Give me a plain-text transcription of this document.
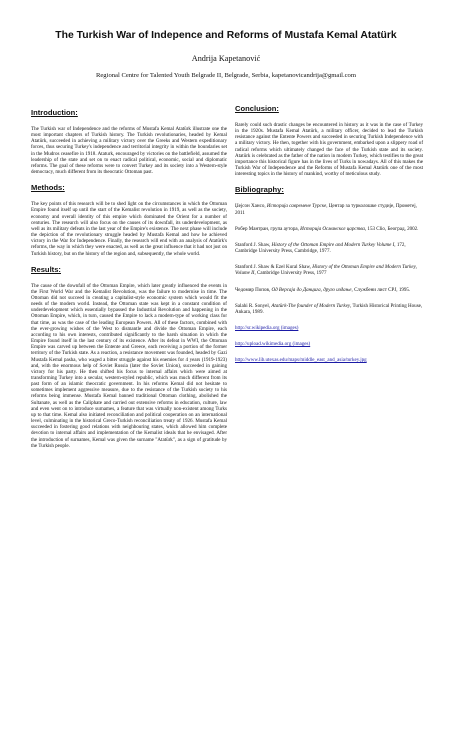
The Turkish War of Indepence and Reforms of Mustafa Kemal Atatürk
Andrija Kapetanović
Regional Centre for Talented Youth Belgrade II, Belgrade, Serbia, kapetanovicandrija@gmail.com
Introduction:

The Turkish war of Independence and the reforms of Mustafa Kemal Atatürk illustrate one the most important chapters of Turkish history. The Turkish revolutionaries, headed by Kemal Atatürk, succeeded in achieving a military victory over the Greeks and Western expeditionary forces, thus securing Turkey's independence and territorial integrity in within the boundaries set in the Mudros ceasefire in 1918. Ataturk, encouraged by victories on the battlefield, assumed the leadership of the state and set on to enact radical political, economic, social and diplomatic reforms. The goal of these reforms were to convert Turkey and its society into a Western-style democracy, much different from its theocratic Ottoman past.

Methods:

The key points of this research will be to shed light on the circumstances in which the Ottoman Empire found itself up until the start of the Kemalist revolution in 1919, as well as the society, economy and overall identity of this empire which dominated the Orient for a number of centuries. The research will also focus on the causes of its downfall, its underdevelopment, as well as its military defeats in the last year of the Empire's existence. The next phase will include the depiction of the revolutionary struggle headed by Mustafa Kemal and how he achieved victory in the War for Independence. Finally, the research will end with an analysis of Atatürk's reforms, the way in which they were enacted, as well as the great influence that it had not just on Turkish history, but on the history of the region and, subsequently, the whole world.

Results:

The cause of the downfall of the Ottoman Empire, which later greatly influenced the events in the First World War and the Kemalist Revolution, was the failure to modernise in time. The Ottoman did not succeed in creating a capitalist-style economic system which would fit the needs of the modern world. Instead, the Ottoman state was kept in a constant condition of underdevelopment which essentially bypassed the Industrial Revolution and happening in the Ottoman Empire, which, in turn, caused the Empire to lack a modern-type of working class for that time, as was the case of the leading European Powers. All of these factors, combined with the ever-growing wishes of the West to dismantle and divide the Ottoman Empire, each according to his own interests, contributed significantly to the harsh situation in which the Empire found itself in the last century of its existence. After its defeat in WWI, the Ottoman Empire was carved up between the Entente and Greece, each receiving a portion of the former territory of the Turkish state. As a reaction, a resistance movement was founded, headed by Gazi Mustafa Kemal pasha, who waged a bitter struggle against his enemies for 4 years (1919-1923) and, with the enormous help of Soviet Russia (later the Soviet Union), succeeded in gaining victory for his party. He then shifted his focus to internal affairs which were aimed at transforming Turkey into a secular, western-styled republic, which was much different from its past form of an islamic theocratic government. In his reforms Kemal did not hesitate to sometimes implement aggressive measure, due to the resistance of the Turkish society to his reforms being immense. Mustafa Kemal banned traditional Ottoman clothing, abolished the Sultanate, as well as the Caliphate and carried out extensive reforms in education, culture, law and even went on to introduce surnames, a feature that was virtually non-existent among Turks up to that time. Kemal also initiated reconciliation and political cooperation on an international level, culminating in the historical Greco-Turkish reconciliation treaty of 1926. Mustafa Kemal succeeded in fostering good relations with neighbouring states, which allowed him complete devotion to internal affairs and implementation of the Kemalist ideals that he envisaged. After the introduction of surnames, Kemal was given the surname "Atatürk", as a sign of gratitude by the Turkish people.

Conclusion:

Rarely could such drastic changes be encountered in history as it was in the case of Turkey in the 1920s. Mustafa Kemal Atatürk, a military officer, decided to lead the Turkish resistance against the Entente Powers and succeeded in securing Turkish Independence with a military victory. He then, together with his government, embarked upon a slippery road of radical reforms which ultimately changed the face of the Turkish state and its society. Atatürk is celebrated as the father of the nation in modern Turkey, which testifies to the great importance this historical figure has in the lives of Turks in nowadays. All of this makes the Turkish War of Independence and the Reforms of Mustafa Kemal Atatürk one of the most interesting topics in the history of mankind, worthy of meticulous study.

Bibliography:

Џејсон Хансо, Историја савремене Турске, Центар за турколошке студије, Прометеј, 2011

Робер Мантран, група аутора, Историја Османског царства, 153 Clio, Београд, 2002.

Stanford J. Shaw, History of the Ottoman Empire and Modern Turkey Volume I, 172, Cambridge University Press, Cambridge, 1977.

Stanford J. Shaw & Ezel Kural Shaw, History of the Ottoman Empire and Modern Turkey, Volume II, Cambridge University Press, 1977

Чедомир Попов, Од Версаја до Данцига, друго издање, Службени лист СРЈ, 1995.

Salahi R. Sonyel, Atatürk-The founder of Modern Turkey, Turkish Historical Printing House, Ankara, 1989.

http://sr.wikipedia.org (images)

http://upload.wikimedia.org (images)

http://www.lib.utexas.edu/maps/middle_east_and_asia/turkey.jpg
